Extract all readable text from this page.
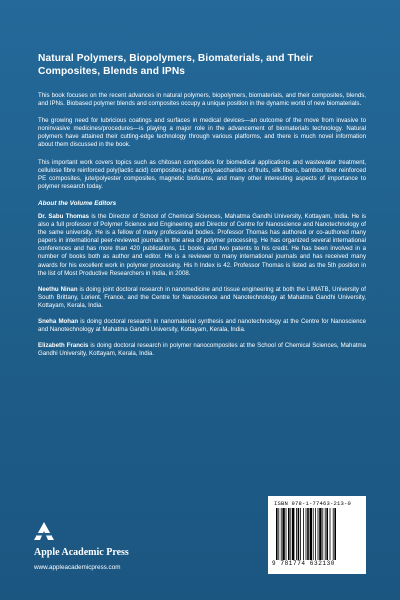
Natural Polymers, Biopolymers, Biomaterials, and Their Composites, Blends and IPNs

This book focuses on the recent advances in natural polymers, biopolymers, biomaterials, and their composites, blends, and IPNs. Biobased polymer blends and composites occupy a unique position in the dynamic world of new biomaterials.

The growing need for lubricious coatings and surfaces in medical devices—an outcome of the move from invasive to noninvasive medicines/procedures—is playing a major role in the advancement of biomaterials technology. Natural polymers have attained their cutting-edge technology through various platforms, and there is much novel information about them discussed in the book.

This important work covers topics such as chitosan composites for biomedical applications and wastewater treatment, cellulose fibre reinforced poly(lactic acid) composites,p ectic polysaccharides of fruits, silk fibers, bamboo fiber reinforced PE composites, jute/polyester composites, magnetic biofoams, and many other interesting aspects of importance to polymer research today.

About the Volume Editors
Dr. Sabu Thomas is the Director of School of Chemical Sciences, Mahatma Gandhi University, Kottayam, India. He is also a full professor of Polymer Science and Engineering and Director of Centre for Nanoscience and Nanotechnology of the same university. He is a fellow of many professional bodies. Professor Thomas has authored or co-authored many papers in international peer-reviewed journals in the area of polymer processing. He has organized several international conferences and has more than 420 publications, 11 books and two patents to his credit. He has been involved in a number of books both as author and editor. He is a reviewer to many international journals and has received many awards for his excellent work in polymer processing. His h Index is 42. Professor Thomas is listed as the 5th position in the list of Most Productive Researchers in India, in 2008.
Neethu Ninan is doing joint doctoral research in nanomedicine and tissue engineering at both the LIMATB, University of South Brittany, Lorient, France, and the Centre for Nanoscience and Nanotechnology at Mahatma Gandhi University, Kottayam, Kerala, India.
Sneha Mohan is doing doctoral research in nanomaterial synthesis and nanotechnology at the Centre for Nanoscience and Nanotechnology at Mahatma Gandhi University, Kottayam, Kerala, India.
Elizabeth Francis is doing doctoral research in polymer nanocomposites at the School of Chemical Sciences, Mahatma Gandhi University, Kottayam, Kerala, India.
Apple Academic Press
www.appleacademicpress.com
ISBN 978-1-77463-213-0
9 781774 632130
